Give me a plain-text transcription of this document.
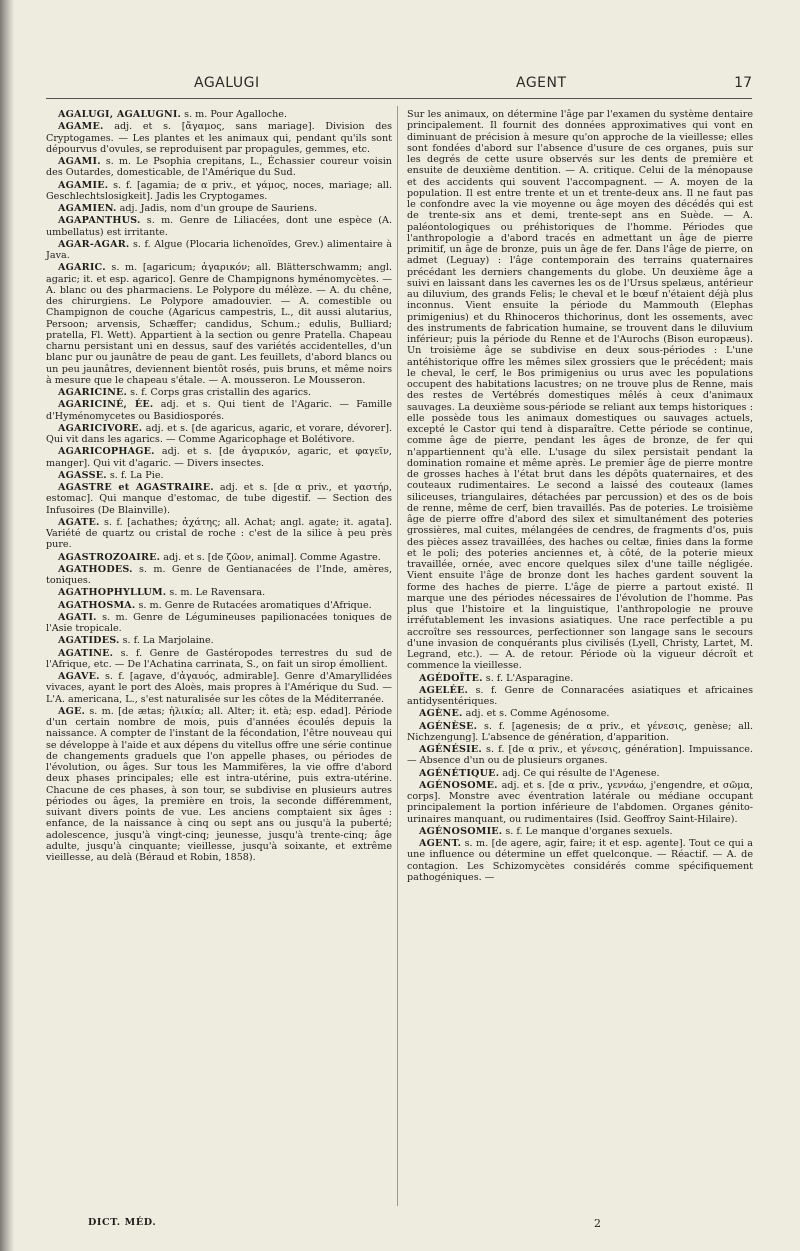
AGALUGI	AGENT	17

AGALUGI, AGALUGNI. s. m. Pour Agalloche.

AGAME. adj. et s. [ἄγαμος, sans mariage]. Division des Cryptogames. — Les plantes et les animaux qui, pendant qu'ils sont dépourvus d'ovules, se reproduisent par propagules, gemmes, etc.

AGAMI. s. m. Le Psophia crepitans, L., Échassier coureur voisin des Outardes, domesticable, de l'Amérique du Sud.

AGAMIE. s. f. [agamia; de α priv., et γάμος, noces, mariage; all. Geschlechtslosigkeit]. Jadis les Cryptogames.

AGAMIEN. adj. Jadis, nom d'un groupe de Sauriens.

AGAPANTHUS. s. m. Genre de Liliacées, dont une espèce (A. umbellatus) est irritante.

AGAR-AGAR. s. f. Algue (Plocaria lichenoïdes, Grev.) alimentaire à Java.

AGARIC. s. m. [agaricum; ἀγαρικόν; all. Blätterschwamm; angl. agaric; it. et esp. agarico]. Genre de Champignons hyménomycètes. — A. blanc ou des pharmaciens. Le Polypore du mélèze. — A. du chêne, des chirurgiens. Le Polypore amadouvier. — A. comestible ou Champignon de couche (Agaricus campestris, L., dit aussi alutarius, Persoon; arvensis, Schæffer; candidus, Schum.; edulis, Bulliard; pratella, Fl. Wett). Appartient à la section ou genre Pratella. Chapeau charnu persistant uni en dessus, sauf des variétés accidentelles, d'un blanc pur ou jaunâtre de peau de gant. Les feuillets, d'abord blancs ou un peu jaunâtres, deviennent bientôt rosés, puis bruns, et même noirs à mesure que le chapeau s'étale. — A. mousseron. Le Mousseron.

AGARICINE. s. f. Corps gras cristallin des agarics.

AGARICINÉ, ÉE. adj. et s. Qui tient de l'Agaric. — Famille d'Hyménomycetes ou Basidiosporés.

AGARICIVORE. adj. et s. [de agaricus, agaric, et vorare, dévorer]. Qui vit dans les agarics. — Comme Agaricophage et Bolétivore.

AGARICOPHAGE. adj. et s. [de ἀγαρικόν, agaric, et φαγεῖν, manger]. Qui vit d'agaric. — Divers insectes.

AGASSE. s. f. La Pie.

AGASTRE et AGASTRAIRE. adj. et s. [de α priv., et γαστήρ, estomac]. Qui manque d'estomac, de tube digestif. — Section des Infusoires (De Blainville).

AGATE. s. f. [achathes; ἀχάτης; all. Achat; angl. agate; it. agata]. Variété de quartz ou cristal de roche : c'est de la silice à peu près pure.

AGASTROZOAIRE. adj. et s. [de ζῶον, animal]. Comme Agastre.

AGATHODES. s. m. Genre de Gentianacées de l'Inde, amères, toniques.

AGATHOPHYLLUM. s. m. Le Ravensara.

AGATHOSMA. s. m. Genre de Rutacées aromatiques d'Afrique.

AGATI. s. m. Genre de Légumineuses papilionacées toniques de l'Asie tropicale.

AGATIDES. s. f. La Marjolaine.

AGATINE. s. f. Genre de Gastéropodes terrestres du sud de l'Afrique, etc. — De l'Achatina carrinata, S., on fait un sirop émollient.

AGAVE. s. f. [agave, d'ἀγαυός, admirable]. Genre d'Amaryllidées vivaces, ayant le port des Aloès, mais propres à l'Amérique du Sud. — L'A. americana, L., s'est naturalisée sur les côtes de la Méditerranée.

AGE. s. m. [de ætas; ἡλικία; all. Alter; it. età; esp. edad]. Période d'un certain nombre de mois, puis d'années écoulés depuis la naissance. A compter de l'instant de la fécondation, l'être nouveau qui se développe à l'aide et aux dépens du vitellus offre une série continue de changements graduels que l'on appelle phases, ou périodes de l'évolution, ou âges. Sur tous les Mammifères, la vie offre d'abord deux phases principales; elle est intra-utérine, puis extra-utérine. Chacune de ces phases, à son tour, se subdivise en plusieurs autres périodes ou âges, la première en trois, la seconde différemment, suivant divers points de vue. Les anciens comptaient six âges : enfance, de la naissance à cinq ou sept ans ou jusqu'à la puberté; adolescence, jusqu'à vingt-cinq; jeunesse, jusqu'à trente-cinq; âge adulte, jusqu'à cinquante; vieillesse, jusqu'à soixante, et extrême vieillesse, au delà (Béraud et Robin, 1858).

Sur les animaux, on détermine l'âge par l'examen du système dentaire principalement. Il fournit des données approximatives qui vont en diminuant de précision à mesure qu'on approche de la vieillesse; elles sont fondées d'abord sur l'absence d'usure de ces organes, puis sur les degrés de cette usure observés sur les dents de première et ensuite de deuxième dentition. — A. critique. Celui de la ménopause et des accidents qui souvent l'accompagnent. — A. moyen de la population. Il est entre trente et un et trente-deux ans. Il ne faut pas le confondre avec la vie moyenne ou âge moyen des décédés qui est de trente-six ans et demi, trente-sept ans en Suède. — A. paléontologiques ou préhistoriques de l'homme. Périodes que l'anthropologie a d'abord tracés en admettant un âge de pierre primitif, un âge de bronze, puis un âge de fer. Dans l'âge de pierre, on admet (Leguay) : l'âge contemporain des terrains quaternaires précédant les derniers changements du globe. Un deuxième âge a suivi en laissant dans les cavernes les os de l'Ursus spelæus, antérieur au diluvium, des grands Felis; le cheval et le bœuf n'étaient déjà plus inconnus. Vient ensuite la période du Mammouth (Elephas primigenius) et du Rhinoceros thichorinus, dont les ossements, avec des instruments de fabrication humaine, se trouvent dans le diluvium inférieur; puis la période du Renne et de l'Aurochs (Bison europæus). Un troisième âge se subdivise en deux sous-périodes : L'une antéhistorique offre les mêmes silex grossiers que le précédent; mais le cheval, le cerf, le Bos primigenius ou urus avec les populations occupent des habitations lacustres; on ne trouve plus de Renne, mais des restes de Vertébrés domestiques mêlés à ceux d'animaux sauvages. La deuxième sous-période se reliant aux temps historiques : elle possède tous les animaux domestiques ou sauvages actuels, excepté le Castor qui tend à disparaître. Cette période se continue, comme âge de pierre, pendant les âges de bronze, de fer qui n'appartiennent qu'à elle. L'usage du silex persistait pendant la domination romaine et même après. Le premier âge de pierre montre de grosses haches à l'état brut dans les dépôts quaternaires, et des couteaux rudimentaires. Le second a laissé des couteaux (lames siliceuses, triangulaires, détachées par percussion) et des os de bois de renne, même de cerf, bien travaillés. Pas de poteries. Le troisième âge de pierre offre d'abord des silex et simultanément des poteries grossières, mal cuites, mélangées de cendres, de fragments d'os, puis des pièces assez travaillées, des haches ou celtæ, finies dans la forme et le poli; des poteries anciennes et, à côté, de la poterie mieux travaillée, ornée, avec encore quelques silex d'une taille négligée. Vient ensuite l'âge de bronze dont les haches gardent souvent la forme des haches de pierre. L'âge de pierre a partout existé. Il marque une des périodes nécessaires de l'évolution de l'homme. Pas plus que l'histoire et la linguistique, l'anthropologie ne prouve irréfutablement les invasions asiatiques. Une race perfectible a pu accroître ses ressources, perfectionner son langage sans le secours d'une invasion de conquérants plus civilisés (Lyell, Christy, Lartet, M. Legrand, etc.). — A. de retour. Période où la vigueur décroît et commence la vieillesse.

AGÉDOÏTE. s. f. L'Asparagine.

AGELÉE. s. f. Genre de Connaracées asiatiques et africaines antidysentériques.

AGÈNE. adj. et s. Comme Agénosome.

AGÉNÈSE. s. f. [agenesis; de α priv., et γένεσις, genèse; all. Nichzengung]. L'absence de génération, d'apparition.

AGÉNÉSIE. s. f. [de α priv., et γένεσις, génération]. Impuissance. — Absence d'un ou de plusieurs organes.

AGÉNÉTIQUE. adj. Ce qui résulte de l'Agenese.

AGÉNOSOME. adj. et s. [de α priv., γεννάω, j'engendre, et σῶμα, corps]. Monstre avec éventration latérale ou médiane occupant principalement la portion inférieure de l'abdomen. Organes génito-urinaires manquant, ou rudimentaires (Isid. Geoffroy Saint-Hilaire).

AGÉNOSOMIE. s. f. Le manque d'organes sexuels.

AGENT. s. m. [de agere, agir, faire; it et esp. agente]. Tout ce qui a une influence ou détermine un effet quelconque. — Réactif. — A. de contagion. Les Schizomycètes considérés comme spécifiquement pathogéniques. —

DICT. MÉD.	2
